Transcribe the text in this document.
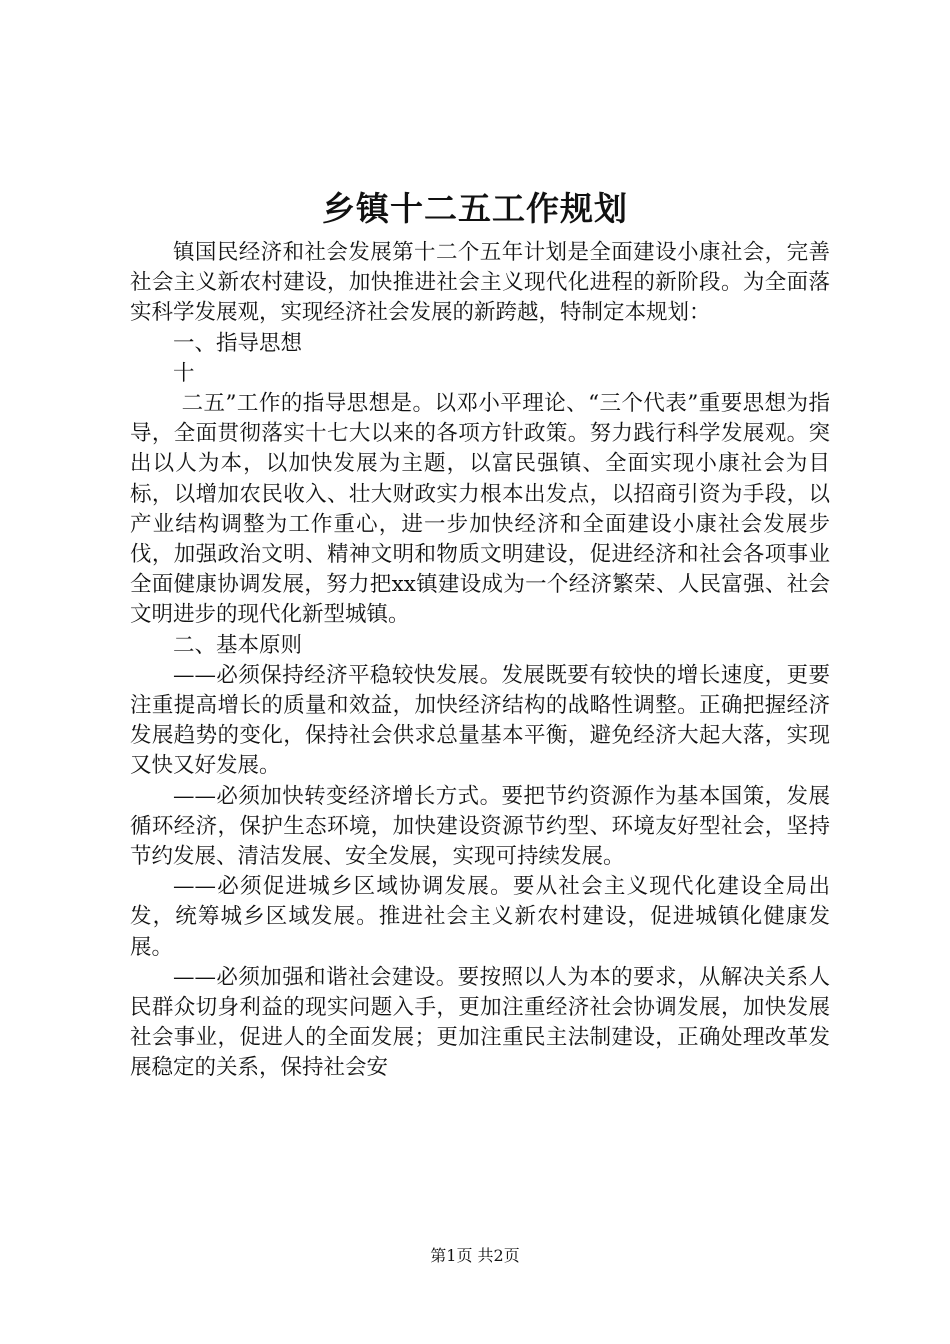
乡镇十二五工作规划

镇国民经济和社会发展第十二个五年计划是全面建设小康社会，完善社会主义新农村建设，加快推进社会主义现代化进程的新阶段。为全面落实科学发展观，实现经济社会发展的新跨越，特制定本规划：

一、指导思想

十

二五”工作的指导思想是。以邓小平理论、“三个代表”重要思想为指导，全面贯彻落实十七大以来的各项方针政策。努力践行科学发展观。突出以人为本，以加快发展为主题，以富民强镇、全面实现小康社会为目标，以增加农民收入、壮大财政实力根本出发点，以招商引资为手段，以产业结构调整为工作重心，进一步加快经济和全面建设小康社会发展步伐，加强政治文明、精神文明和物质文明建设，促进经济和社会各项事业全面健康协调发展，努力把xx镇建设成为一个经济繁荣、人民富强、社会文明进步的现代化新型城镇。

二、基本原则

——必须保持经济平稳较快发展。发展既要有较快的增长速度，更要注重提高增长的质量和效益，加快经济结构的战略性调整。正确把握经济发展趋势的变化，保持社会供求总量基本平衡，避免经济大起大落，实现又快又好发展。

——必须加快转变经济增长方式。要把节约资源作为基本国策，发展循环经济，保护生态环境，加快建设资源节约型、环境友好型社会，坚持节约发展、清洁发展、安全发展，实现可持续发展。

——必须促进城乡区域协调发展。要从社会主义现代化建设全局出发，统筹城乡区域发展。推进社会主义新农村建设，促进城镇化健康发展。

——必须加强和谐社会建设。要按照以人为本的要求，从解决关系人民群众切身利益的现实问题入手，更加注重经济社会协调发展，加快发展社会事业，促进人的全面发展；更加注重民主法制建设，正确处理改革发展稳定的关系，保持社会安

第1页 共2页
